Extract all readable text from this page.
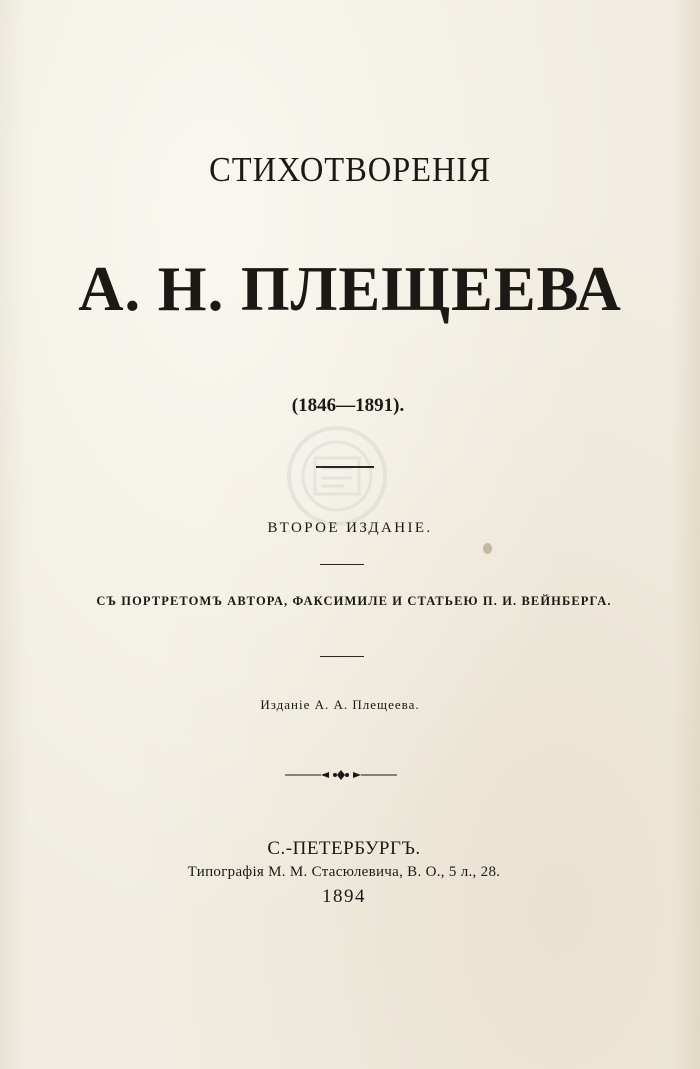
СТИХОТВОРЕНІЯ
А. Н. ПЛЕЩЕЕВА
(1846—1891).
ВТОРОЕ ИЗДАНІЕ.
СЪ ПОРТРЕТОМЪ АВТОРА, ФАКСИМИЛЕ И СТАТЬЕЮ П. И. ВЕЙНБЕРГА.
Изданіе А. А. Плещеева.
С.-ПЕТЕРБУРГЪ.
Типографія М. М. Стасюлевича, В. О., 5 л., 28.
1894
